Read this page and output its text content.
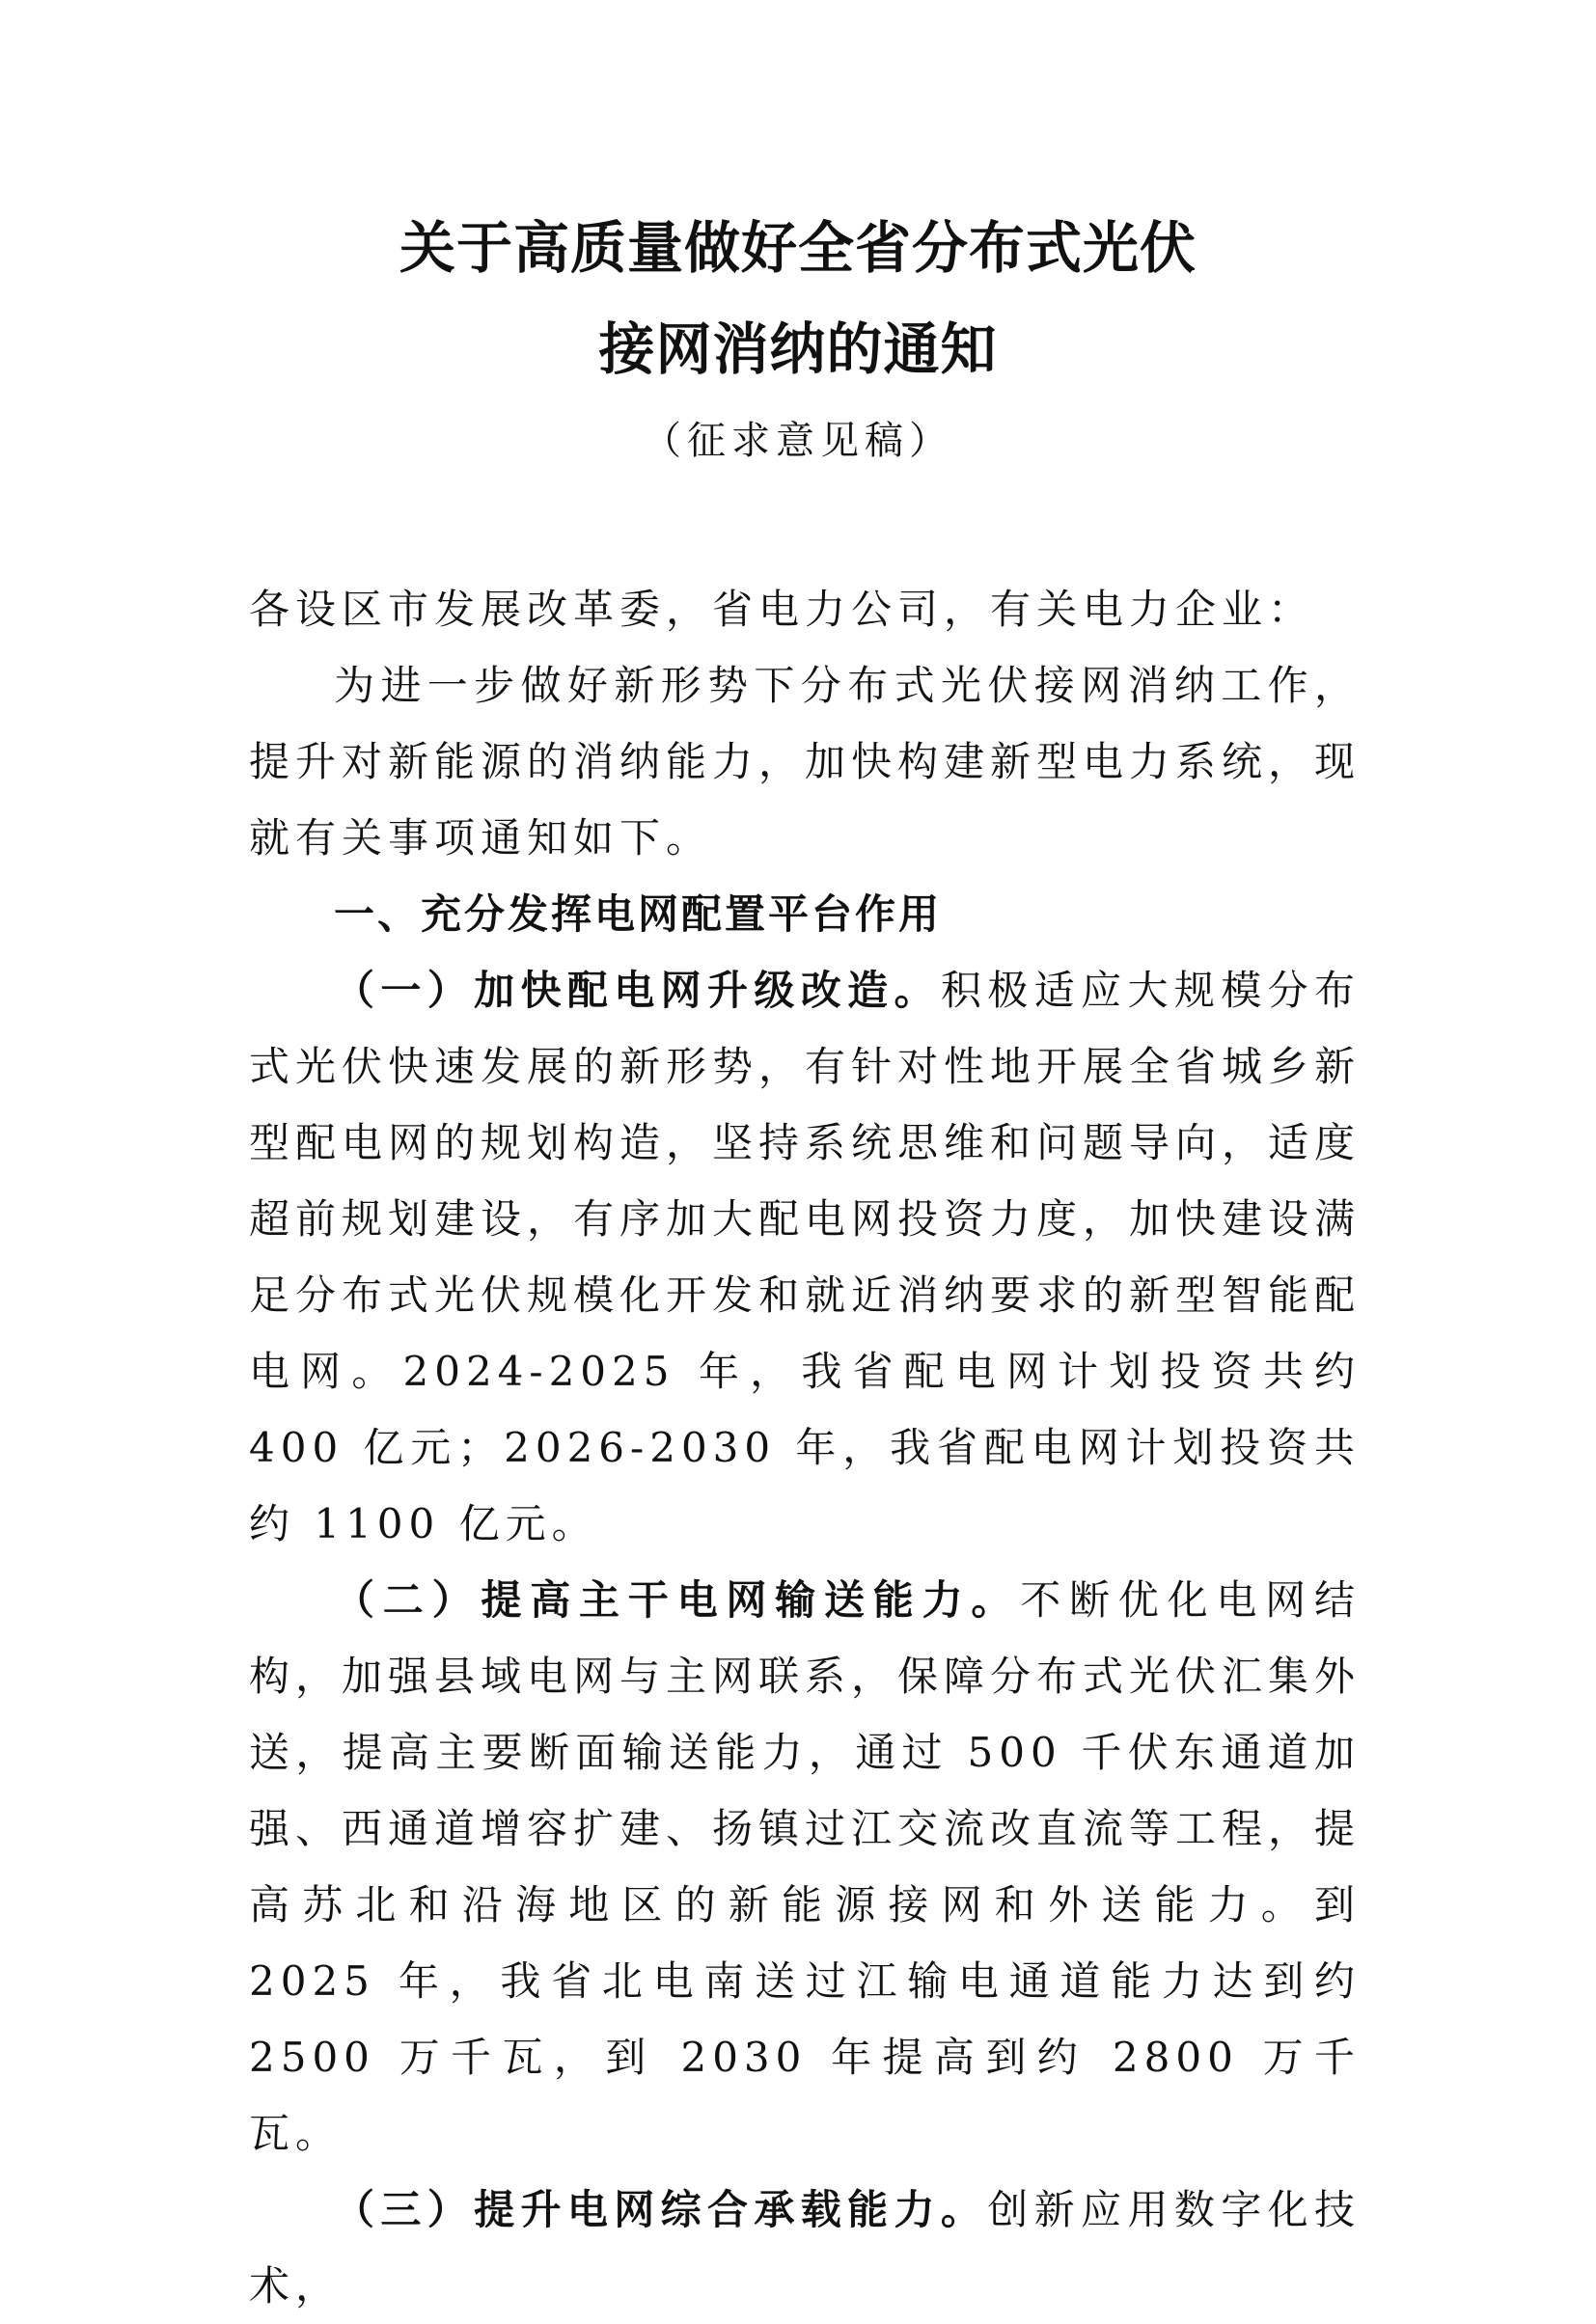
关于高质量做好全省分布式光伏
接网消纳的通知
（征求意见稿）

各设区市发展改革委，省电力公司，有关电力企业：

为进一步做好新形势下分布式光伏接网消纳工作，提升对新能源的消纳能力，加快构建新型电力系统，现就有关事项通知如下。

一、充分发挥电网配置平台作用

（一）加快配电网升级改造。积极适应大规模分布式光伏快速发展的新形势，有针对性地开展全省城乡新型配电网的规划构造，坚持系统思维和问题导向，适度超前规划建设，有序加大配电网投资力度，加快建设满足分布式光伏规模化开发和就近消纳要求的新型智能配电网。2024-2025 年，我省配电网计划投资共约 400 亿元；2026-2030 年，我省配电网计划投资共约 1100 亿元。

（二）提高主干电网输送能力。不断优化电网结构，加强县域电网与主网联系，保障分布式光伏汇集外送，提高主要断面输送能力，通过 500 千伏东通道加强、西通道增容扩建、扬镇过江交流改直流等工程，提高苏北和沿海地区的新能源接网和外送能力。到 2025 年，我省北电南送过江输电通道能力达到约 2500 万千瓦，到 2030 年提高到约 2800 万千瓦。

（三）提升电网综合承载能力。创新应用数字化技术，
